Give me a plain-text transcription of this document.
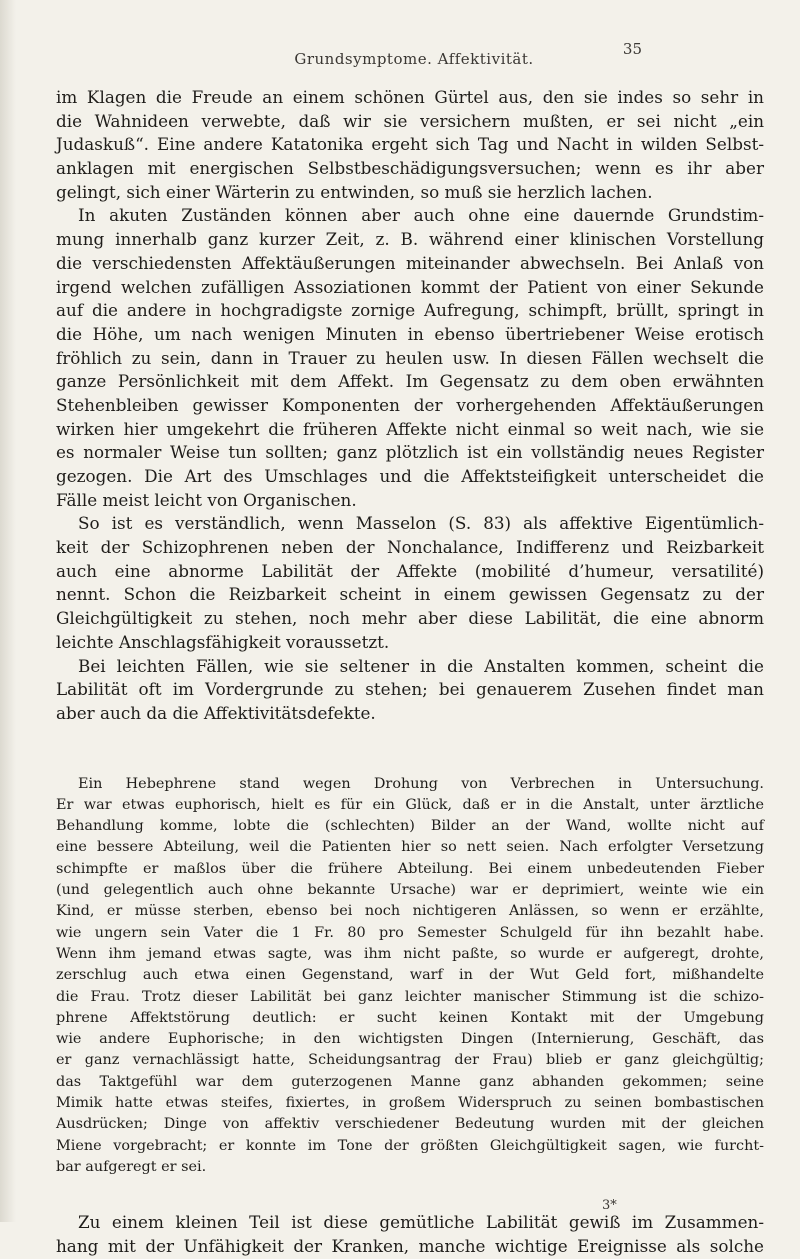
Grundsymptome. Affektivität.
35
im Klagen die Freude an einem schönen Gürtel aus, den sie indes so sehr in
die Wahnideen verwebte, daß wir sie versichern mußten, er sei nicht „ein
Judaskuß“. Eine andere Katatonika ergeht sich Tag und Nacht in wilden Selbst-
anklagen mit energischen Selbstbeschädigungsversuchen; wenn es ihr aber
gelingt, sich einer Wärterin zu entwinden, so muß sie herzlich lachen.
In akuten Zuständen können aber auch ohne eine dauernde Grundstim-
mung innerhalb ganz kurzer Zeit, z. B. während einer klinischen Vorstellung
die verschiedensten Affektäußerungen miteinander abwechseln. Bei Anlaß von
irgend welchen zufälligen Assoziationen kommt der Patient von einer Sekunde
auf die andere in hochgradigste zornige Aufregung, schimpft, brüllt, springt in
die Höhe, um nach wenigen Minuten in ebenso übertriebener Weise erotisch
fröhlich zu sein, dann in Trauer zu heulen usw. In diesen Fällen wechselt die
ganze Persönlichkeit mit dem Affekt. Im Gegensatz zu dem oben erwähnten
Stehenbleiben gewisser Komponenten der vorhergehenden Affektäußerungen
wirken hier umgekehrt die früheren Affekte nicht einmal so weit nach, wie sie
es normaler Weise tun sollten; ganz plötzlich ist ein vollständig neues Register
gezogen. Die Art des Umschlages und die Affektsteifigkeit unterscheidet die
Fälle meist leicht von Organischen.
So ist es verständlich, wenn Masselon (S. 83) als affektive Eigentümlich-
keit der Schizophrenen neben der Nonchalance, Indifferenz und Reizbarkeit
auch eine abnorme Labilität der Affekte (mobilité d’humeur, versatilité)
nennt. Schon die Reizbarkeit scheint in einem gewissen Gegensatz zu der
Gleichgültigkeit zu stehen, noch mehr aber diese Labilität, die eine abnorm
leichte Anschlagsfähigkeit voraussetzt.
Bei leichten Fällen, wie sie seltener in die Anstalten kommen, scheint die
Labilität oft im Vordergrunde zu stehen; bei genauerem Zusehen findet man
aber auch da die Affektivitätsdefekte.
Ein Hebephrene stand wegen Drohung von Verbrechen in Untersuchung.
Er war etwas euphorisch, hielt es für ein Glück, daß er in die Anstalt, unter ärztliche
Behandlung komme, lobte die (schlechten) Bilder an der Wand, wollte nicht auf
eine bessere Abteilung, weil die Patienten hier so nett seien. Nach erfolgter Versetzung
schimpfte er maßlos über die frühere Abteilung. Bei einem unbedeutenden Fieber
(und gelegentlich auch ohne bekannte Ursache) war er deprimiert, weinte wie ein
Kind, er müsse sterben, ebenso bei noch nichtigeren Anlässen, so wenn er erzählte,
wie ungern sein Vater die 1 Fr. 80 pro Semester Schulgeld für ihn bezahlt habe.
Wenn ihm jemand etwas sagte, was ihm nicht paßte, so wurde er aufgeregt, drohte,
zerschlug auch etwa einen Gegenstand, warf in der Wut Geld fort, mißhandelte
die Frau. Trotz dieser Labilität bei ganz leichter manischer Stimmung ist die schizo-
phrene Affektstörung deutlich: er sucht keinen Kontakt mit der Umgebung
wie andere Euphorische; in den wichtigsten Dingen (Internierung, Geschäft, das
er ganz vernachlässigt hatte, Scheidungsantrag der Frau) blieb er ganz gleichgültig;
das Taktgefühl war dem guterzogenen Manne ganz abhanden gekommen; seine
Mimik hatte etwas steifes, fixiertes, in großem Widerspruch zu seinen bombastischen
Ausdrücken; Dinge von affektiv verschiedener Bedeutung wurden mit der gleichen
Miene vorgebracht; er konnte im Tone der größten Gleichgültigkeit sagen, wie furcht-
bar aufgeregt er sei.
Zu einem kleinen Teil ist diese gemütliche Labilität gewiß im Zusammen-
hang mit der Unfähigkeit der Kranken, manche wichtige Ereignisse als solche
3*
